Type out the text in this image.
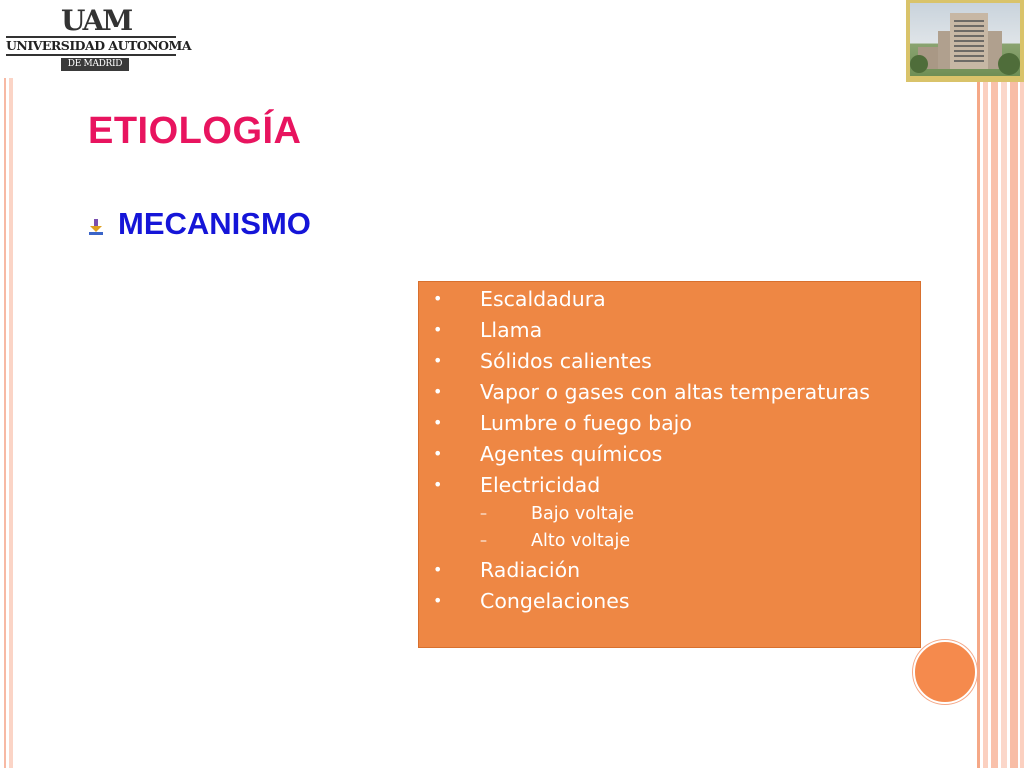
UAM
UNIVERSIDAD AUTONOMA
DE MADRID
ETIOLOGÍA
MECANISMO
• Escaldadura
• Llama
• Sólidos calientes
• Vapor o gases con altas temperaturas
• Lumbre o fuego bajo
• Agentes químicos
• Electricidad
–	Bajo voltaje
–	Alto voltaje
• Radiación
• Congelaciones
